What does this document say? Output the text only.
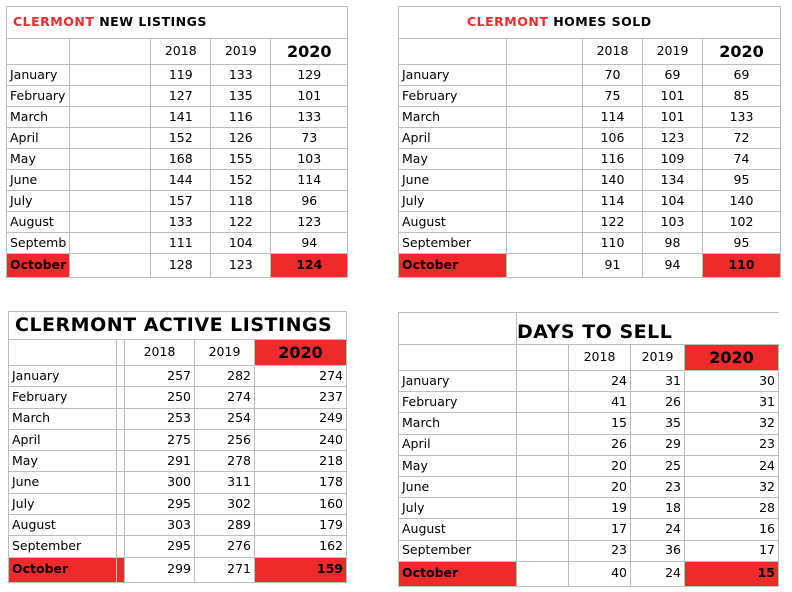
CLERMONT NEW LISTINGS				
		2018	2019	2020
January		119	133	129
February		127	135	101
March		141	116	133
April		152	126	73
May		168	155	103
June		144	152	114
July		157	118	96
August		133	122	123
Septemb		111	104	94
October		128	123	124
CLERMONT HOMES SOLD				
		2018	2019	2020
January		70	69	69
February		75	101	85
March		114	101	133
April		106	123	72
May		116	109	74
June		140	134	95
July		114	104	140
August		122	103	102
September		110	98	95
October		91	94	110
CLERMONT ACTIVE LISTINGS				
		2018	2019	2020
January		257	282	274
February		250	274	237
March		253	254	249
April		275	256	240
May		291	278	218
June		300	311	178
July		295	302	160
August		303	289	179
September		295	276	162
October		299	271	159
	DAYS TO SELL			
		2018	2019	2020
January		24	31	30
February		41	26	31
March		15	35	32
April		26	29	23
May		20	25	24
June		20	23	32
July		19	18	28
August		17	24	16
September		23	36	17
October		40	24	15
